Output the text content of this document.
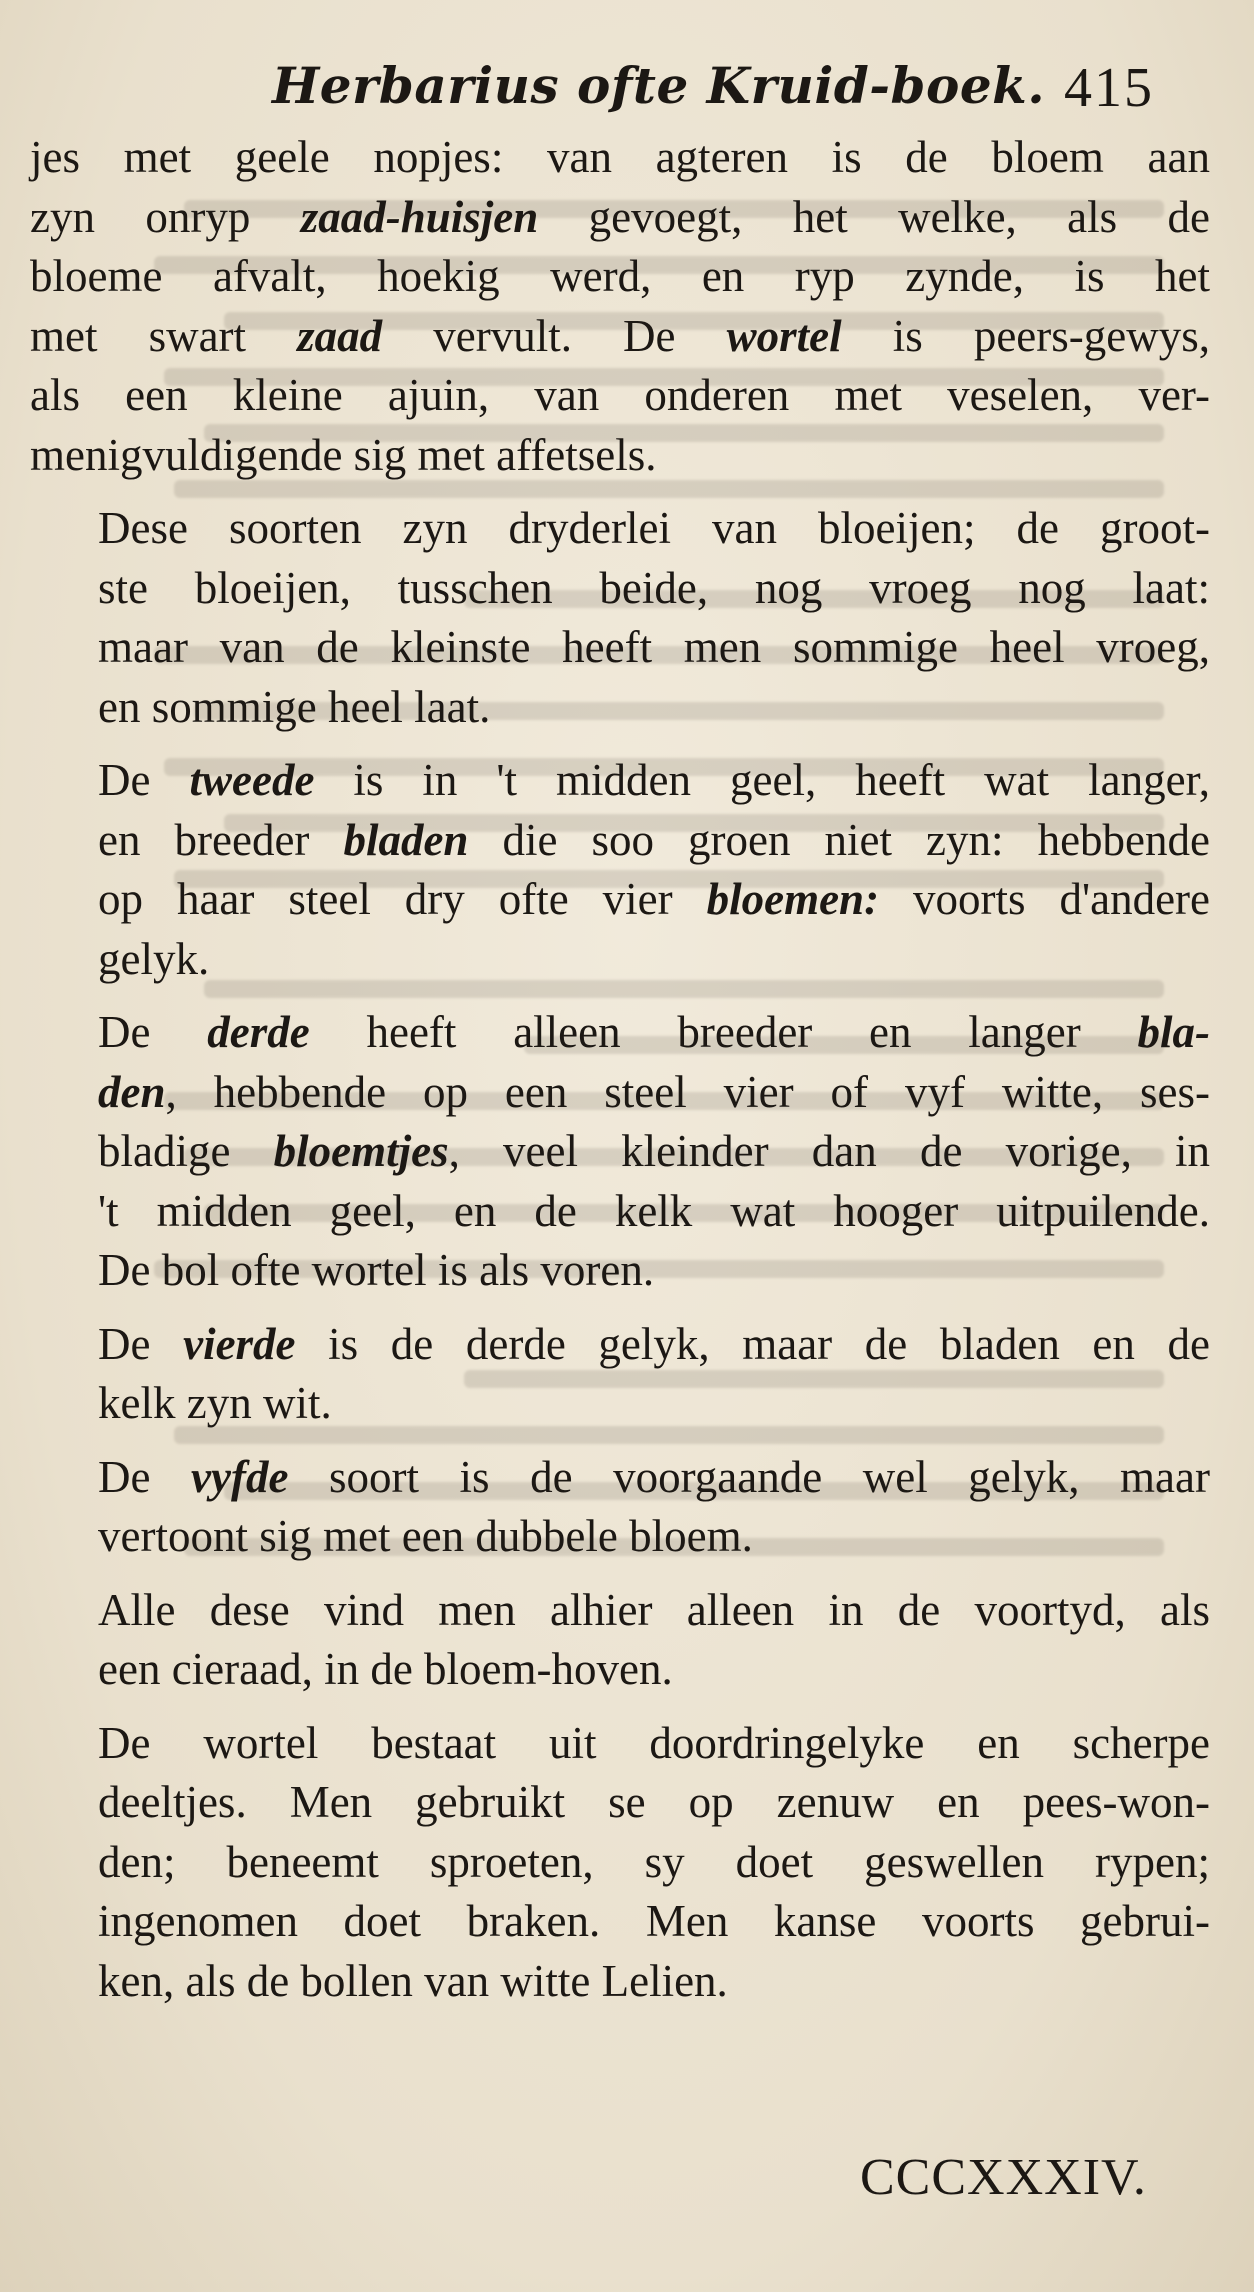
Herbarius ofte Kruid-boek. 415
jes met geele nopjes: van agteren is de bloem aan
zyn onryp zaad-huisjen gevoegt, het welke, als de
bloeme afvalt, hoekig werd, en ryp zynde, is het
met swart zaad vervult. De wortel is peers-gewys,
als een kleine ajuin, van onderen met veselen, ver-
menigvuldigende sig met affetsels.
Dese soorten zyn dryderlei van bloeijen; de groot-
ste bloeijen, tusschen beide, nog vroeg nog laat:
maar van de kleinste heeft men sommige heel vroeg,
en sommige heel laat.
De tweede is in 't midden geel, heeft wat langer,
en breeder bladen die soo groen niet zyn: hebbende
op haar steel dry ofte vier bloemen: voorts d'andere
gelyk.
De derde heeft alleen breeder en langer bla-
den, hebbende op een steel vier of vyf witte, ses-
bladige bloemtjes, veel kleinder dan de vorige, in
't midden geel, en de kelk wat hooger uitpuilende.
De bol ofte wortel is als voren.
De vierde is de derde gelyk, maar de bladen en de
kelk zyn wit.
De vyfde soort is de voorgaande wel gelyk, maar
vertoont sig met een dubbele bloem.
Alle dese vind men alhier alleen in de voortyd, als
een cieraad, in de bloem-hoven.
De wortel bestaat uit doordringelyke en scherpe
deeltjes. Men gebruikt se op zenuw en pees-won-
den; beneemt sproeten, sy doet geswellen rypen;
ingenomen doet braken. Men kanse voorts gebrui-
ken, als de bollen van witte Lelien.
CCCXXXIV.
